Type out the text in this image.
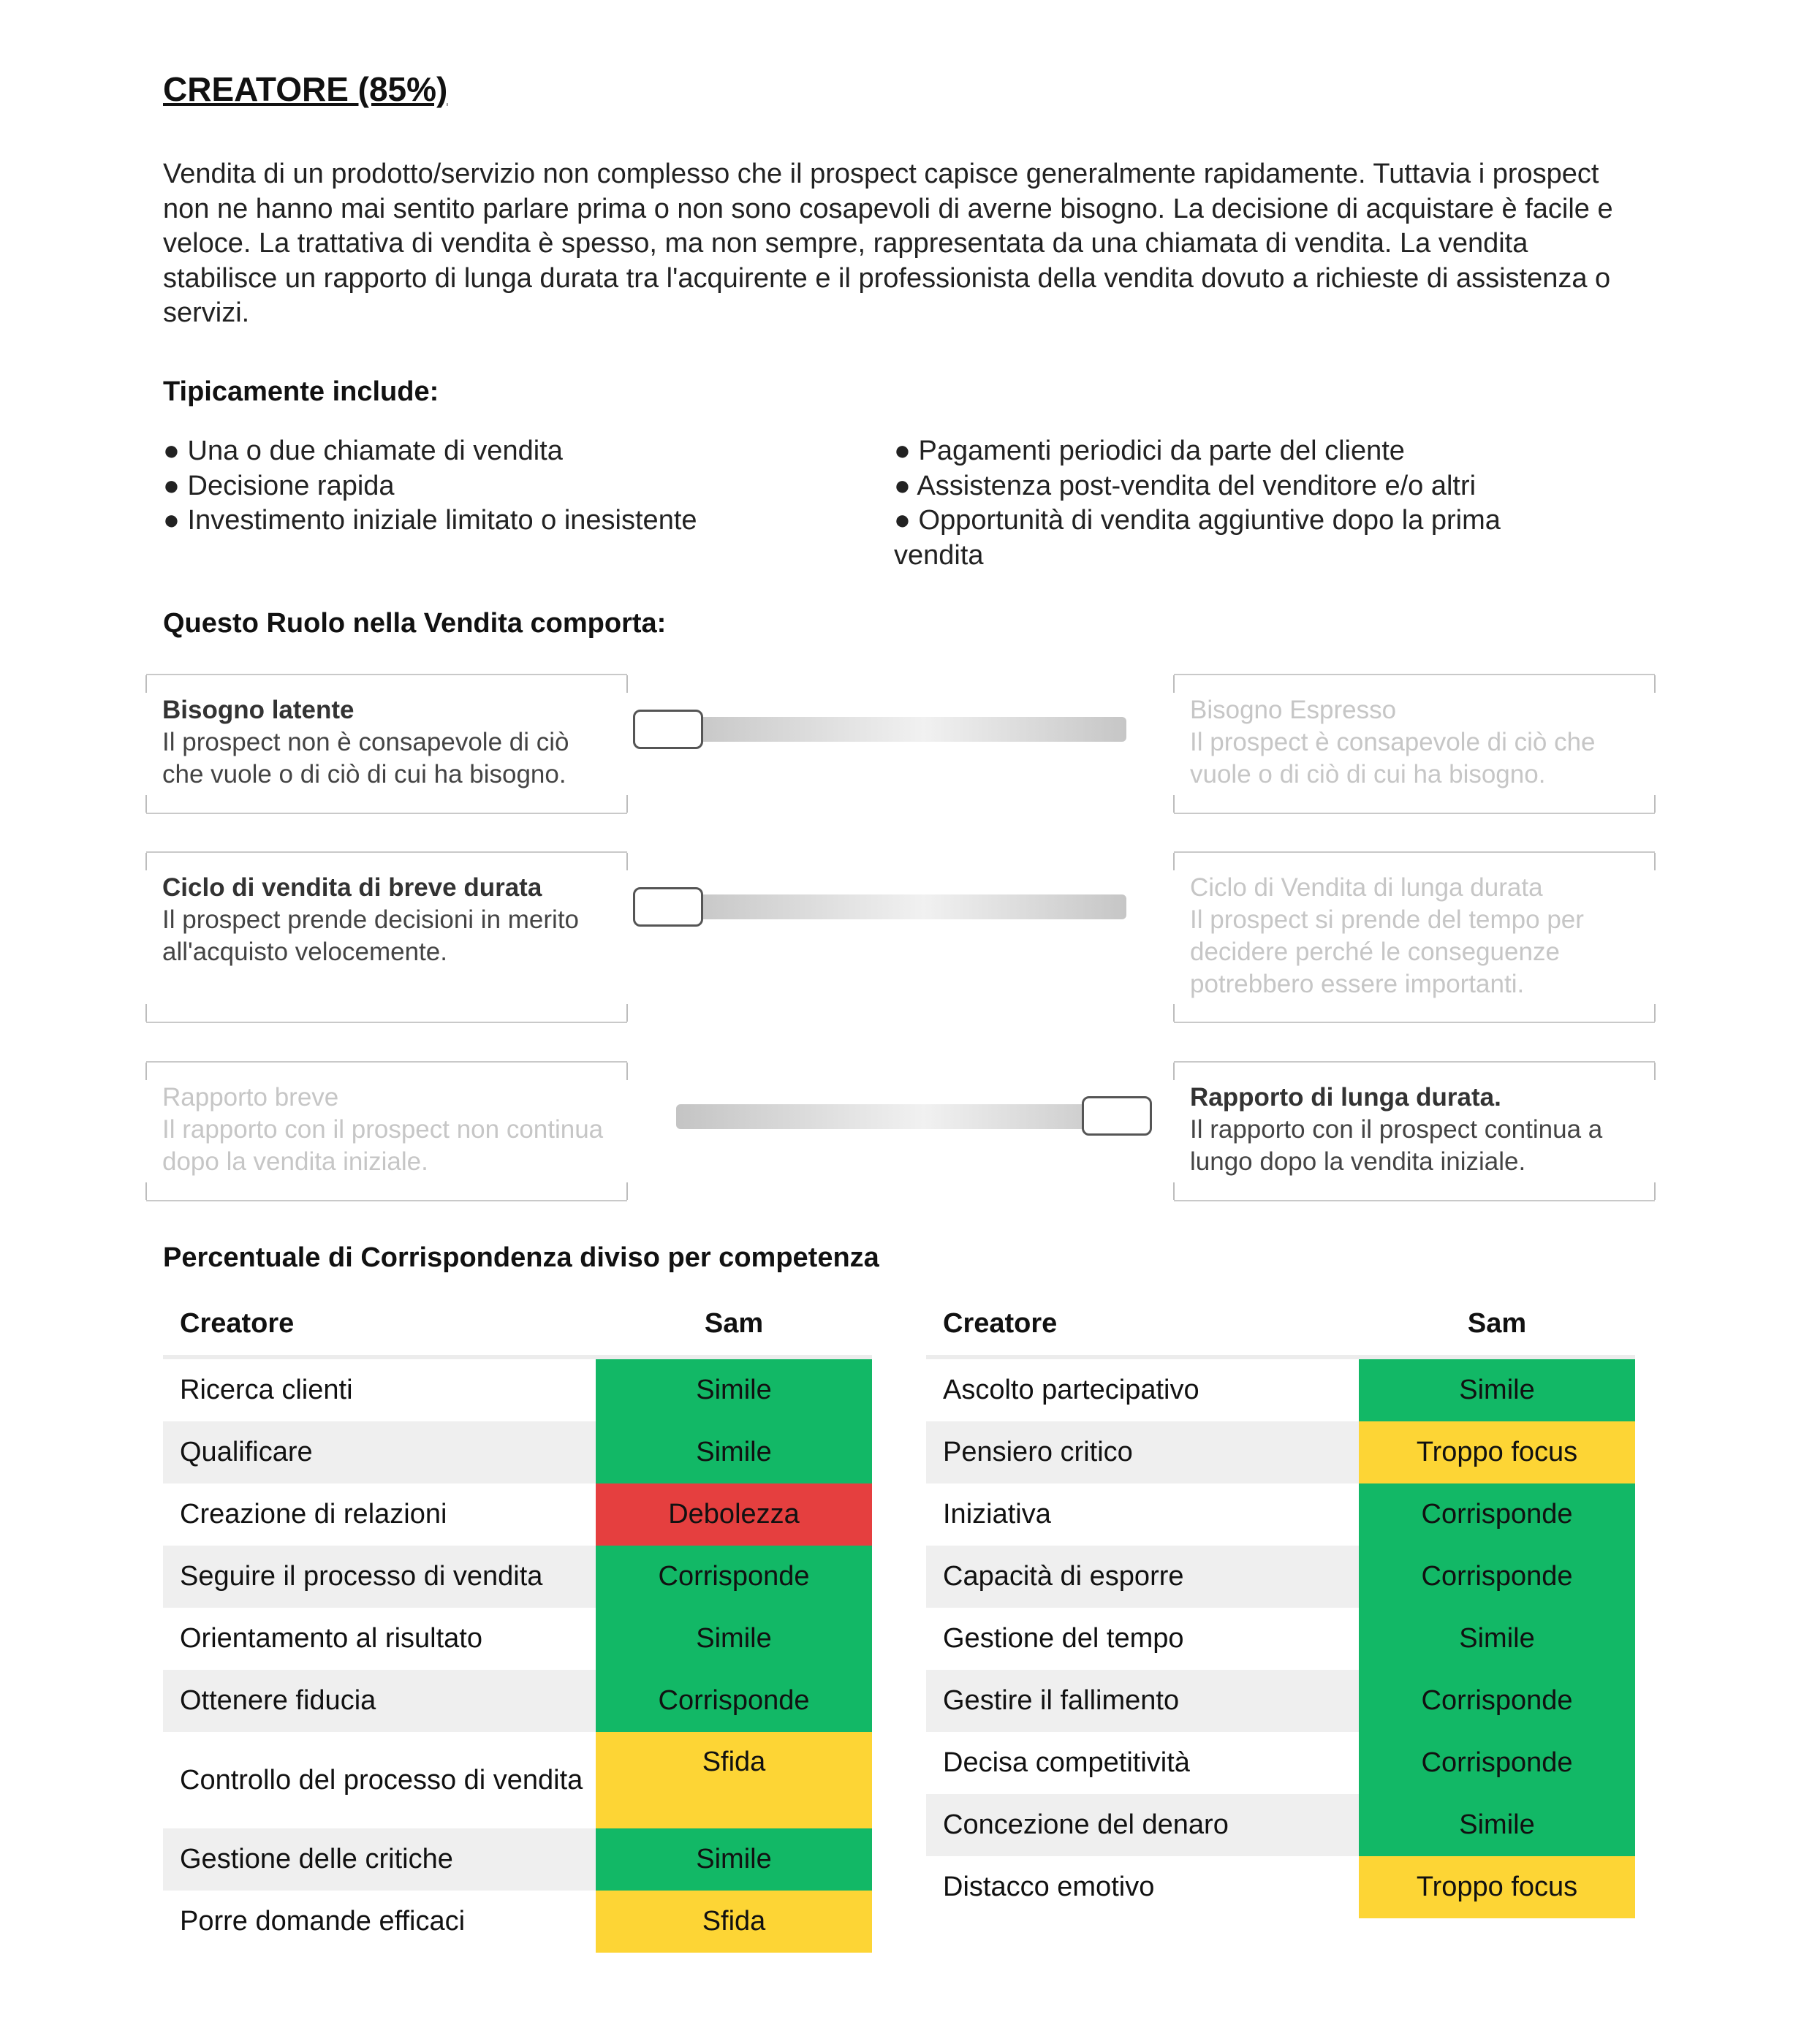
CREATORE (85%)
Vendita di un prodotto/servizio non complesso che il prospect capisce generalmente rapidamente. Tuttavia i prospect non ne hanno mai sentito parlare prima o non sono cosapevoli di averne bisogno. La decisione di acquistare è facile e veloce. La trattativa di vendita è spesso, ma non sempre, rappresentata da una chiamata di vendita. La vendita stabilisce un rapporto di lunga durata tra l'acquirente e il professionista della vendita dovuto a richieste di assistenza o servizi.
Tipicamente include:
● Una o due chiamate di vendita
● Decisione rapida
● Investimento iniziale limitato o inesistente
● Pagamenti periodici da parte del cliente
● Assistenza post-vendita del venditore e/o altri
● Opportunità di vendita aggiuntive dopo la prima vendita
Questo Ruolo nella Vendita comporta:
Bisogno latente
Il prospect non è consapevole di ciò che vuole o di ciò di cui ha bisogno.
Bisogno Espresso
Il prospect è consapevole di ciò che vuole o di ciò di cui ha bisogno.
Ciclo di vendita di breve durata
Il prospect prende decisioni in merito all'acquisto velocemente.
Ciclo di Vendita di lunga durata
Il prospect si prende del tempo per decidere perché le conseguenze potrebbero essere importanti.
Rapporto breve
Il rapporto con il prospect non continua dopo la vendita iniziale.
Rapporto di lunga durata.
Il rapporto con il prospect continua a lungo dopo la vendita iniziale.
Percentuale di Corrispondenza diviso per competenza
Creatore	Sam
Ricerca clienti	Simile
Qualificare	Simile
Creazione di relazioni	Debolezza
Seguire il processo di vendita	Corrisponde
Orientamento al risultato	Simile
Ottenere fiducia	Corrisponde
Controllo del processo di vendita	Sfida
Gestione delle critiche	Simile
Porre domande efficaci	Sfida
Creatore	Sam
Ascolto partecipativo	Simile
Pensiero critico	Troppo focus
Iniziativa	Corrisponde
Capacità di esporre	Corrisponde
Gestione del tempo	Simile
Gestire il fallimento	Corrisponde
Decisa competitività	Corrisponde
Concezione del denaro	Simile
Distacco emotivo	Troppo focus
